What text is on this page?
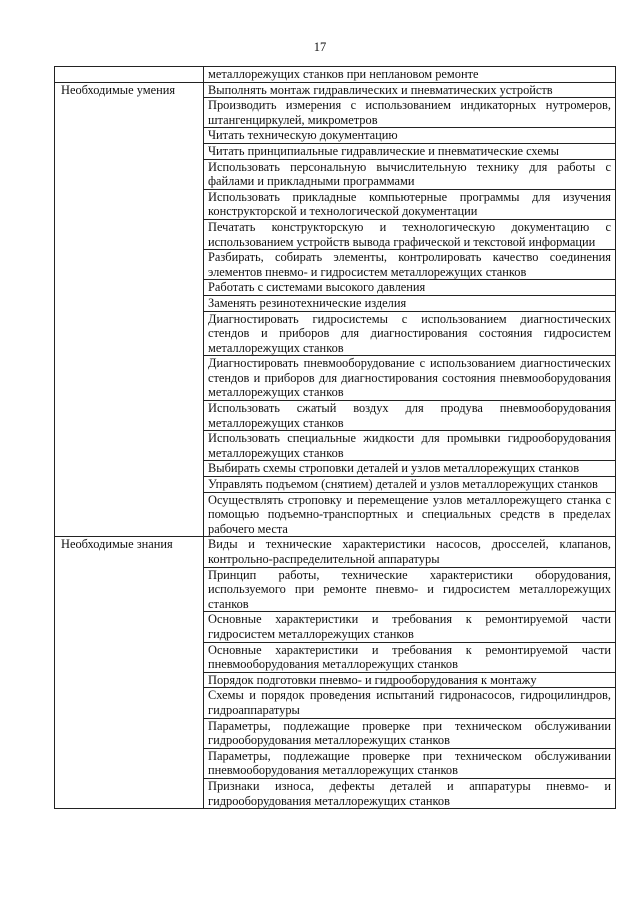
17
	металлорежущих станков при неплановом ремонте
Необходимые умения	Выполнять монтаж гидравлических и пневматических устройств
	Производить измерения с использованием индикаторных нутромеров, штангенциркулей, микрометров
	Читать техническую документацию
	Читать принципиальные гидравлические и пневматические схемы
	Использовать персональную вычислительную технику для работы с файлами и прикладными программами
	Использовать прикладные компьютерные программы для изучения конструкторской и технологической документации
	Печатать конструкторскую и технологическую документацию с использованием устройств вывода графической и текстовой информации
	Разбирать, собирать элементы, контролировать качество соединения элементов пневмо- и гидросистем металлорежущих станков
	Работать с системами высокого давления
	Заменять резинотехнические изделия
	Диагностировать гидросистемы с использованием диагностических стендов и приборов для диагностирования состояния гидросистем металлорежущих станков
	Диагностировать пневмооборудование с использованием диагностических стендов и приборов для диагностирования состояния пневмооборудования металлорежущих станков
	Использовать сжатый воздух для продува пневмооборудования металлорежущих станков
	Использовать специальные жидкости для промывки гидрооборудования металлорежущих станков
	Выбирать схемы строповки деталей и узлов металлорежущих станков
	Управлять подъемом (снятием) деталей и узлов металлорежущих станков
	Осуществлять строповку и перемещение узлов металлорежущего станка с помощью подъемно-транспортных и специальных средств в пределах рабочего места
Необходимые знания	Виды и технические характеристики насосов, дросселей, клапанов, контрольно-распределительной аппаратуры
	Принцип работы, технические характеристики оборудования, используемого при ремонте пневмо- и гидросистем металлорежущих станков
	Основные характеристики и требования к ремонтируемой части гидросистем металлорежущих станков
	Основные характеристики и требования к ремонтируемой части пневмооборудования металлорежущих станков
	Порядок подготовки пневмо- и гидрооборудования к монтажу
	Схемы и порядок проведения испытаний гидронасосов, гидроцилиндров, гидроаппаратуры
	Параметры, подлежащие проверке при техническом обслуживании гидрооборудования металлорежущих станков
	Параметры, подлежащие проверке при техническом обслуживании пневмооборудования металлорежущих станков
	Признаки износа, дефекты деталей и аппаратуры пневмо- и гидрооборудования металлорежущих станков
